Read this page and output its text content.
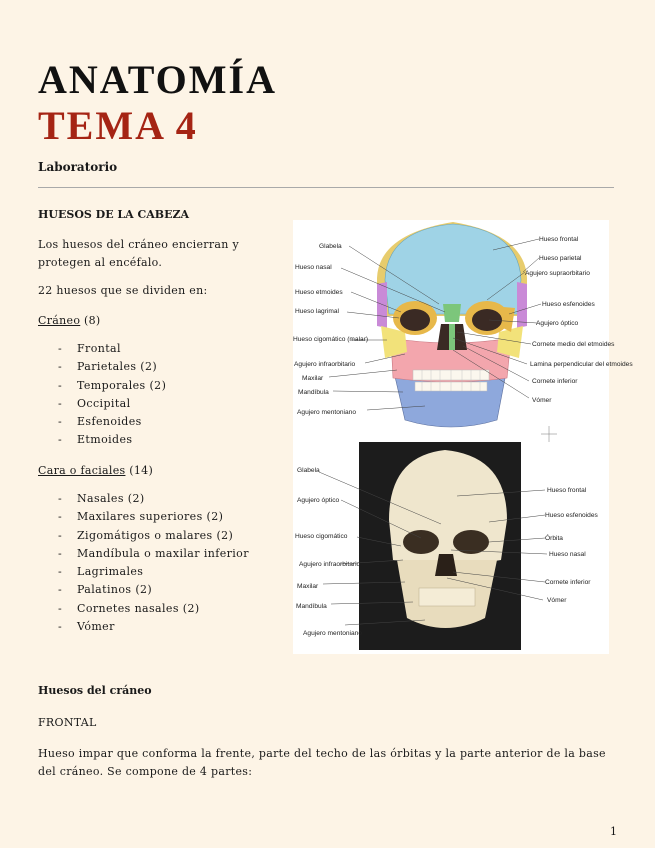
ANATOMÍA
TEMA 4
Laboratorio
HUESOS DE LA CABEZA
Los huesos del cráneo encierran y protegen al encéfalo.
22 huesos que se dividen en:
Cráneo (8)
- Frontal
- Parietales (2)
- Temporales (2)
- Occipital
- Esfenoides
- Etmoides
Cara o faciales (14)
- Nasales (2)
- Maxilares superiores (2)
- Zigomátigos o malares (2)
- Mandíbula o maxilar inferior
- Lagrimales
- Palatinos (2)
- Cornetes nasales (2)
- Vómer
Glabela
Hueso nasal
Hueso etmoides
Hueso lagrimal
Hueso cigomático (malar)
Agujero infraorbitario
Maxilar
Mandíbula
Agujero mentoniano
Hueso frontal
Hueso parietal
Agujero supraorbitario
Hueso esfenoides
Agujero óptico
Cornete medio del etmoides
Lamina perpendicular del etmoides
Cornete inferior
Vómer
Glabela
Agujero óptico
Hueso cigomático
Agujero infraorbitario
Maxilar
Mandíbula
Agujero mentoniano
Hueso frontal
Hueso esfenoides
Órbita
Hueso nasal
Cornete inferior
Vómer
Huesos del cráneo
FRONTAL
Hueso impar que conforma la frente, parte del techo de las órbitas y la parte anterior de la base del cráneo. Se compone de 4 partes:
1
